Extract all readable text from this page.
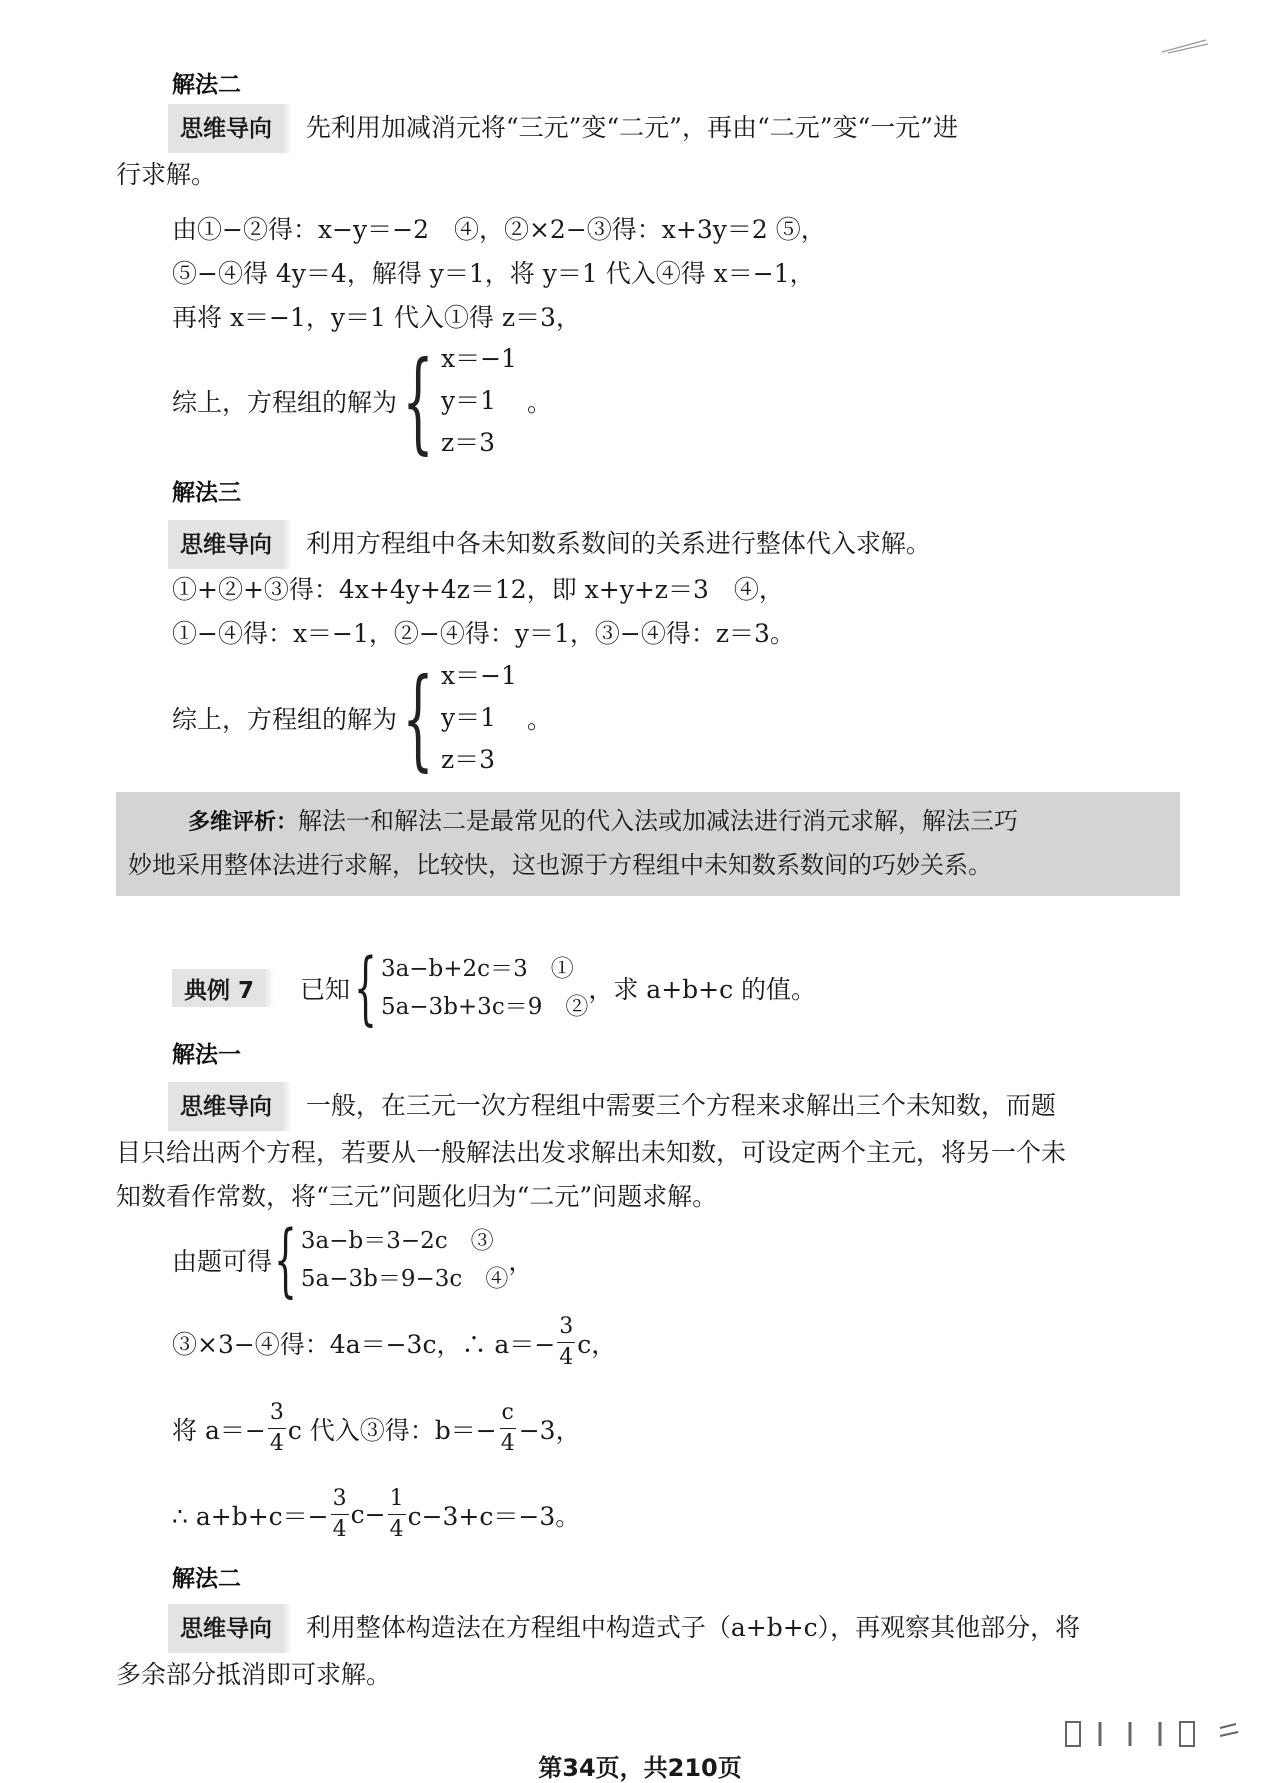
解法二
思维导向 先利用加减消元将“三元”变“二元”，再由“二元”变“一元”进
行求解。
由①−②得：x−y＝−2　④，②×2−③得：x+3y＝2 ⑤，
⑤−④得 4y＝4，解得 y＝1，将 y＝1 代入④得 x＝−1，
再将 x＝−1，y＝1 代入①得 z＝3，
综上，方程组的解为 { x＝−1
y＝1
z＝3
。
解法三
思维导向 利用方程组中各未知数系数间的关系进行整体代入求解。
①+②+③得：4x+4y+4z＝12，即 x+y+z＝3　④，
①−④得：x＝−1，②−④得：y＝1，③−④得：z＝3。
综上，方程组的解为 { x＝−1
y＝1
z＝3
。
多维评析：解法一和解法二是最常见的代入法或加减法进行消元求解，解法三巧
妙地采用整体法进行求解，比较快，这也源于方程组中未知数系数间的巧妙关系。
典例 7	已知 { 3a−b+2c＝3　①
5a−3b+3c＝9　②
，求 a+b+c 的值。
解法一
思维导向 一般，在三元一次方程组中需要三个方程来求解出三个未知数，而题
目只给出两个方程，若要从一般解法出发求解出未知数，可设定两个主元，将另一个未
知数看作常数，将“三元”问题化归为“二元”问题求解。
由题可得 { 3a−b＝3−2c　③
5a−3b＝9−3c　④
，
③×3−④得：4a＝−3c，∴ $a=- \frac{3}{4}$ c，
将 $a=- \frac{3}{4}$ c 代入③得：$b=- \frac{c}{4} -3$，
∴ $a+b+c=- \frac{3}{4} c- \frac{1}{4} c-3+c=-3$。
解法二
思维导向 利用整体构造法在方程组中构造式子（a+b+c），再观察其他部分，将
多余部分抵消即可求解。
第34页，共210页
